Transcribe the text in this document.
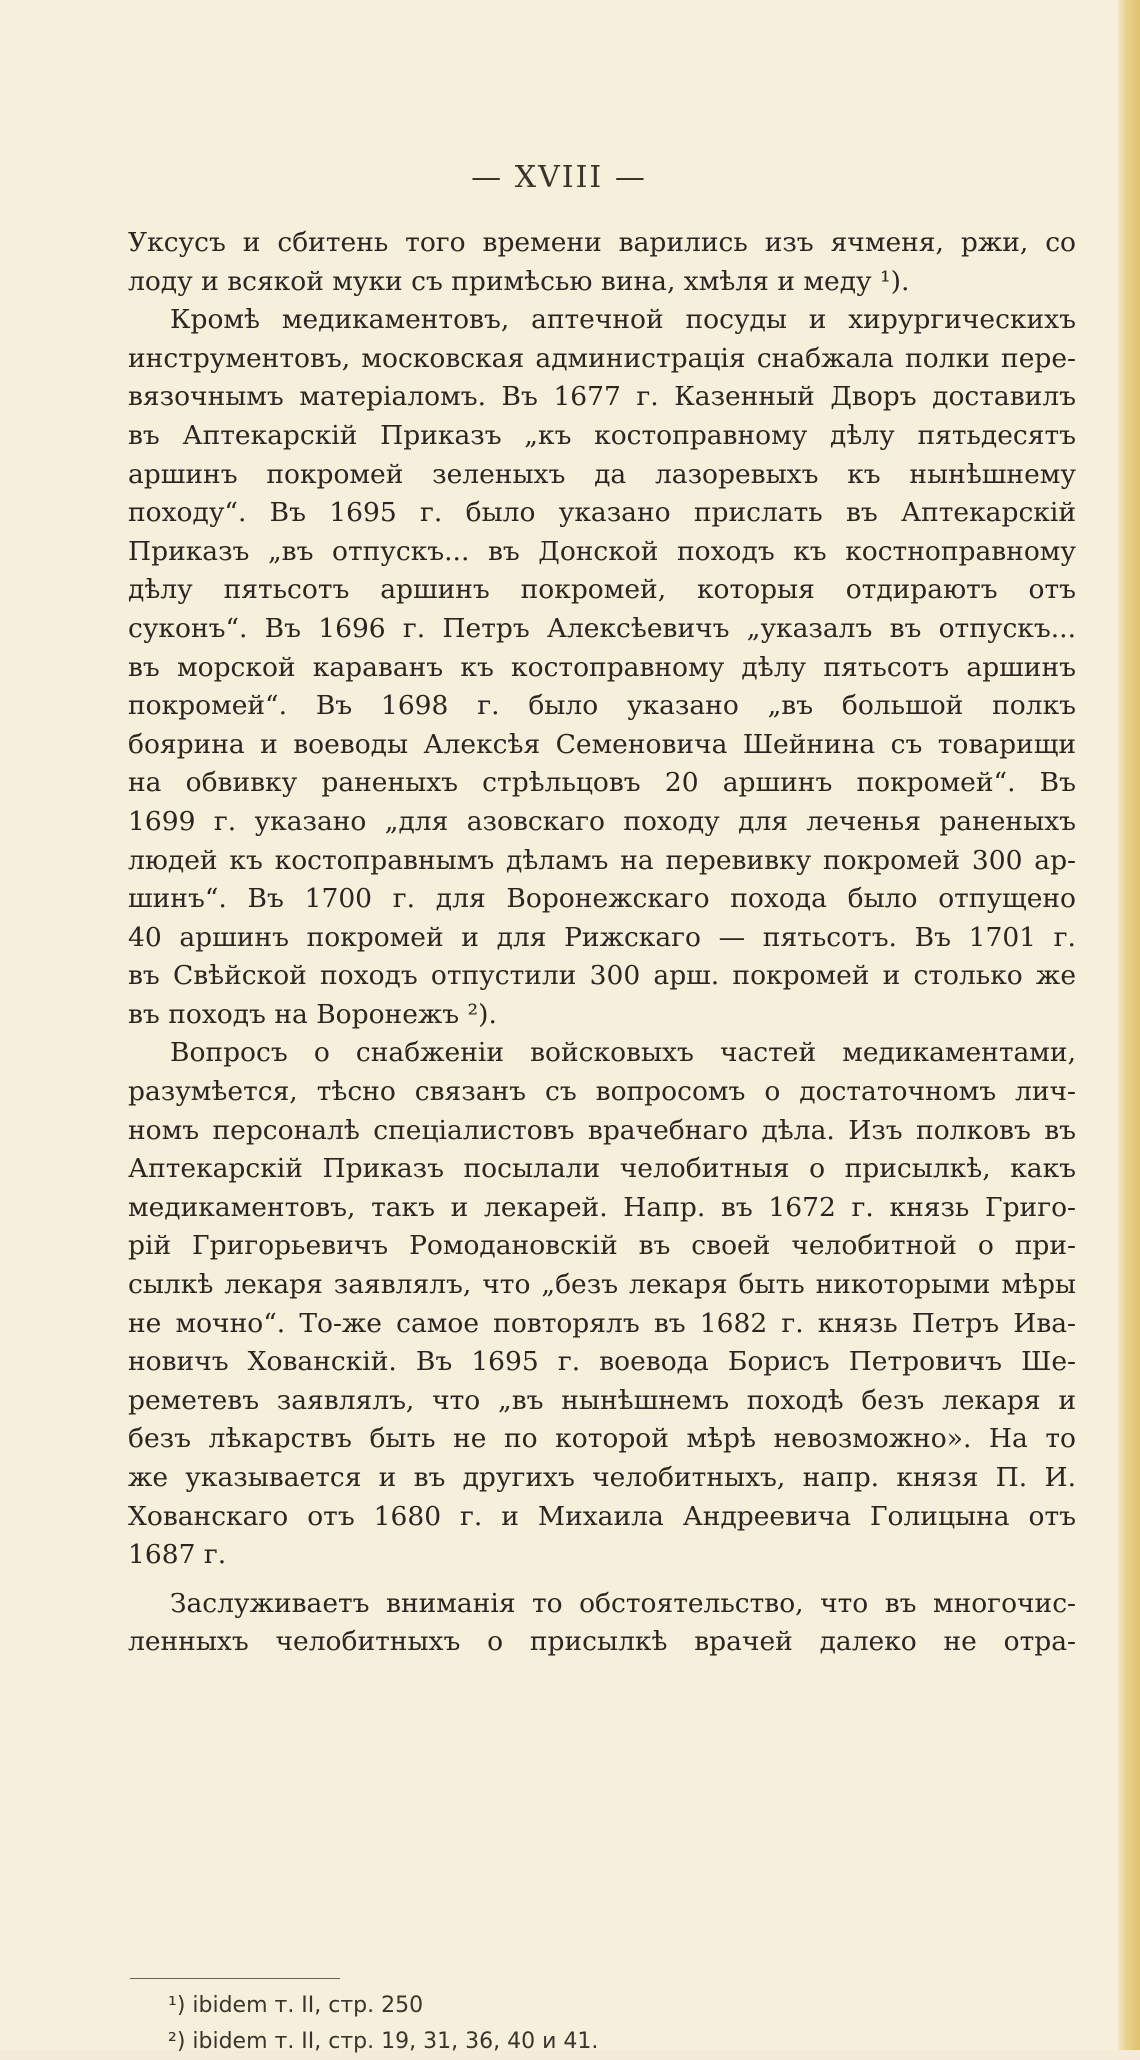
— XVIII —
Уксусъ и сбитень того времени варились изъ ячменя, ржи, со
лоду и всякой муки съ примѣсью вина, хмѣля и меду ¹).
Кромѣ медикаментовъ, аптечной посуды и хирургическихъ
инструментовъ, московская администрація снабжала полки пере-
вязочнымъ матеріаломъ. Въ 1677 г. Казенный Дворъ доставилъ
въ Аптекарскій Приказъ „къ костоправному дѣлу пятьдесятъ
аршинъ покромей зеленыхъ да лазоревыхъ къ нынѣшнему
походу“. Въ 1695 г. было указано прислать въ Аптекарскій
Приказъ „въ отпускъ... въ Донской походъ къ костноправному
дѣлу пятьсотъ аршинъ покромей, которыя отдираютъ отъ
суконъ“. Въ 1696 г. Петръ Алексѣевичъ „указалъ въ отпускъ...
въ морской караванъ къ костоправному дѣлу пятьсотъ аршинъ
покромей“. Въ 1698 г. было указано „въ большой полкъ
боярина и воеводы Алексѣя Семеновича Шейнина съ товарищи
на обвивку раненыхъ стрѣльцовъ 20 аршинъ покромей“. Въ
1699 г. указано „для азовскаго походу для леченья раненыхъ
людей къ костоправнымъ дѣламъ на перевивку покромей 300 ар-
шинъ“. Въ 1700 г. для Воронежскаго похода было отпущено
40 аршинъ покромей и для Рижскаго — пятьсотъ. Въ 1701 г.
въ Свѣйской походъ отпустили 300 арш. покромей и столько же
въ походъ на Воронежъ ²).
Вопросъ о снабженіи войсковыхъ частей медикаментами,
разумѣется, тѣсно связанъ съ вопросомъ о достаточномъ лич-
номъ персоналѣ спеціалистовъ врачебнаго дѣла. Изъ полковъ въ
Аптекарскій Приказъ посылали челобитныя о присылкѣ, какъ
медикаментовъ, такъ и лекарей. Напр. въ 1672 г. князь Григо-
рій Григорьевичъ Ромодановскій въ своей челобитной о при-
сылкѣ лекаря заявлялъ, что „безъ лекаря быть никоторыми мѣры
не мочно“. То-же самое повторялъ въ 1682 г. князь Петръ Ива-
новичъ Хованскій. Въ 1695 г. воевода Борисъ Петровичъ Ше-
реметевъ заявлялъ, что „въ нынѣшнемъ походѣ безъ лекаря и
безъ лѣкарствъ быть не по которой мѣрѣ невозможно». На то
же указывается и въ другихъ челобитныхъ, напр. князя П. И.
Хованскаго отъ 1680 г. и Михаила Андреевича Голицына отъ
1687 г.
Заслуживаетъ вниманія то обстоятельство, что въ многочис-
ленныхъ челобитныхъ о присылкѣ врачей далеко не отра-
¹) ibidem т. II, стр. 250
²) ibidem т. II, стр. 19, 31, 36, 40 и 41.
